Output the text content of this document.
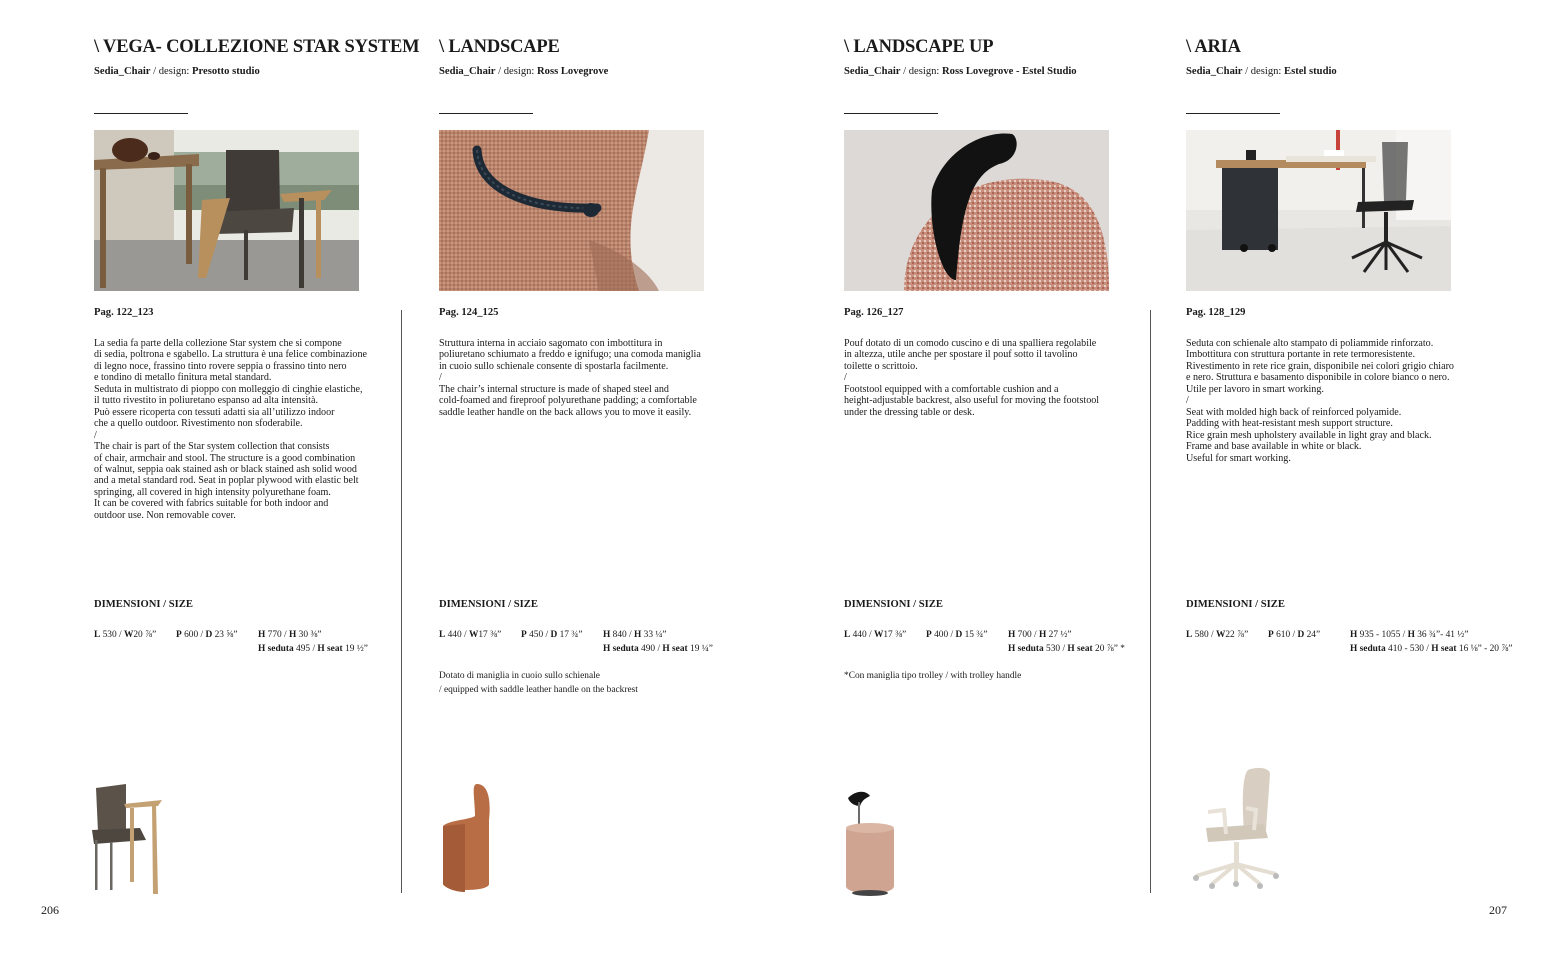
\ VEGA- COLLEZIONE STAR SYSTEM
Sedia_Chair / design: Presotto studio
Pag. 122_123
La sedia fa parte della collezione Star system che si compone
di sedia, poltrona e sgabello. La struttura è una felice combinazione
di legno noce, frassino tinto rovere seppia o frassino tinto nero
e tondino di metallo finitura metal standard.
Seduta in multistrato di pioppo con molleggio di cinghie elastiche,
il tutto rivestito in poliuretano espanso ad alta intensità.
Può essere ricoperta con tessuti adatti sia all’utilizzo indoor
che a quello outdoor. Rivestimento non sfoderabile.
/
The chair is part of the Star system collection that consists
of chair, armchair and stool. The structure is a good combination
of walnut, seppia oak stained ash or black stained ash solid wood
and a metal standard rod. Seat in poplar plywood with elastic belt
springing, all covered in high intensity polyurethane foam.
It can be covered with fabrics suitable for both indoor and
outdoor use. Non removable cover.
DIMENSIONI / SIZE
L 530 / W20 ⅞” P 600 / D 23 ⅝” H 770 / H 30 ⅜”
H seduta 495 / H seat 19 ½”
\ LANDSCAPE
Sedia_Chair / design: Ross Lovegrove
Pag. 124_125
Struttura interna in acciaio sagomato con imbottitura in
poliuretano schiumato a freddo e ignifugo; una comoda maniglia
in cuoio sullo schienale consente di spostarla facilmente.
/
The chair’s internal structure is made of shaped steel and
cold-foamed and fireproof polyurethane padding; a comfortable
saddle leather handle on the back allows you to move it easily.
DIMENSIONI / SIZE
L 440 / W17 ⅜” P 450 / D 17 ¾” H 840 / H 33 ¼”
H seduta 490 / H seat 19 ¼”
Dotato di maniglia in cuoio sullo schienale
/ equipped with saddle leather handle on the backrest
\ LANDSCAPE UP
Sedia_Chair / design: Ross Lovegrove - Estel Studio
Pag. 126_127
Pouf dotato di un comodo cuscino e di una spalliera regolabile
in altezza, utile anche per spostare il pouf sotto il tavolino
toilette o scrittoio.
/
Footstool equipped with a comfortable cushion and a
height-adjustable backrest, also useful for moving the footstool
under the dressing table or desk.
DIMENSIONI / SIZE
L 440 / W17 ⅜” P 400 / D 15 ¾” H 700 / H 27 ½”
H seduta 530 / H seat 20 ⅞” *
*Con maniglia tipo trolley / with trolley handle
\ ARIA
Sedia_Chair / design: Estel studio
Pag. 128_129
Seduta con schienale alto stampato di poliammide rinforzato.
Imbottitura con struttura portante in rete termoresistente.
Rivestimento in rete rice grain, disponibile nei colori grigio chiaro
e nero. Struttura e basamento disponibile in colore bianco o nero.
Utile per lavoro in smart working.
/
Seat with molded high back of reinforced polyamide.
Padding with heat-resistant mesh support structure.
Rice grain mesh upholstery available in light gray and black.
Frame and base available in white or black.
Useful for smart working.
DIMENSIONI / SIZE
L 580 / W22 ⅞” P 610 / D 24”	H 935 - 1055 / H 36 ¾”- 41 ½”
H seduta 410 - 530 / H seat 16 ⅛” - 20 ⅞”
206	207
